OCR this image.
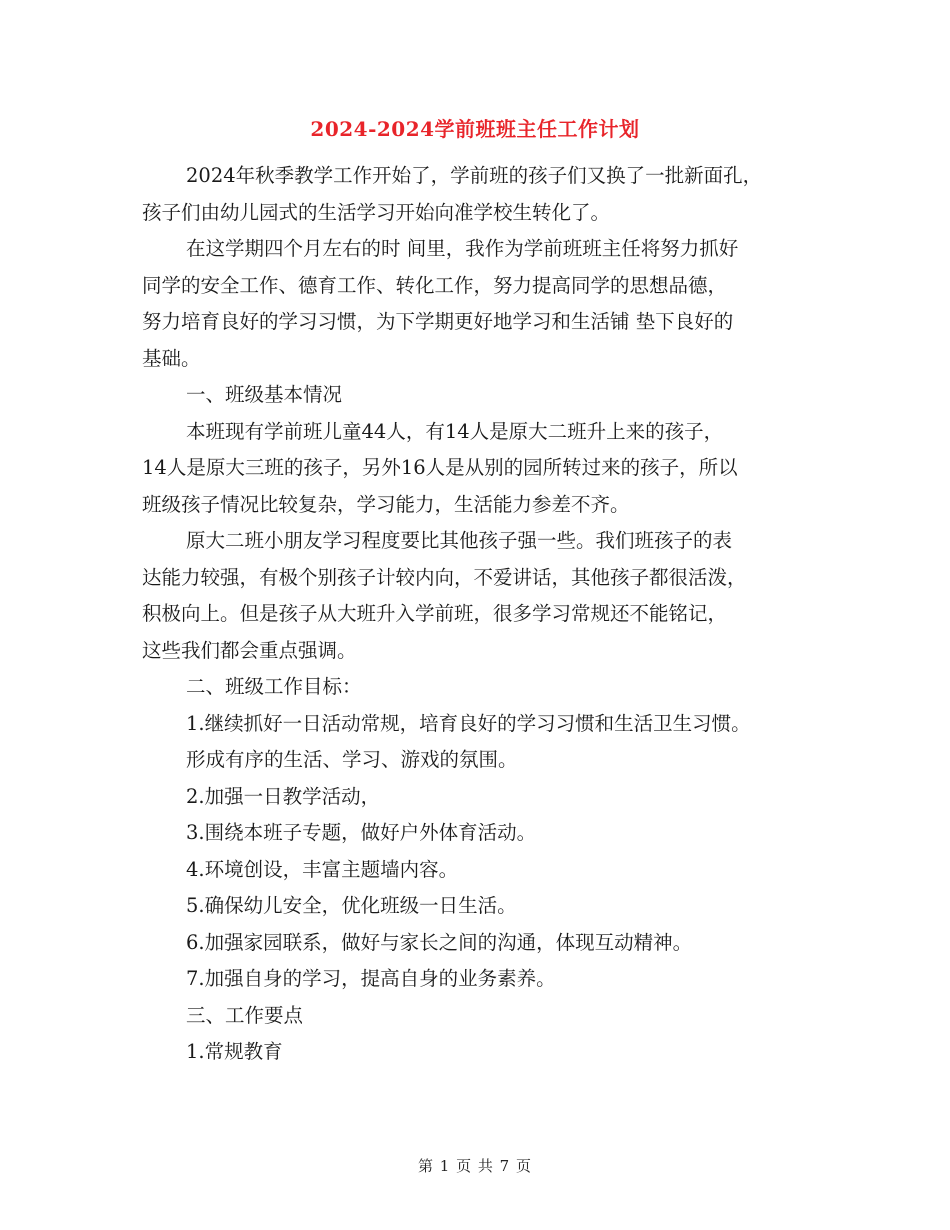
2024-2024学前班班主任工作计划
2024年秋季教学工作开始了，学前班的孩子们又换了一批新面孔，
孩子们由幼儿园式的生活学习开始向准学校生转化了。
在这学期四个月左右的时 间里，我作为学前班班主任将努力抓好
同学的安全工作、德育工作、转化工作，努力提高同学的思想品德，
努力培育良好的学习习惯，为下学期更好地学习和生活铺 垫下良好的
基础。
一、班级基本情况
本班现有学前班儿童44人，有14人是原大二班升上来的孩子，
14人是原大三班的孩子，另外16人是从别的园所转过来的孩子，所以
班级孩子情况比较复杂，学习能力，生活能力参差不齐。
原大二班小朋友学习程度要比其他孩子强一些。我们班孩子的表
达能力较强，有极个别孩子计较内向，不爱讲话，其他孩子都很活泼，
积极向上。但是孩子从大班升入学前班，很多学习常规还不能铭记，
这些我们都会重点强调。
二、班级工作目标：
1.继续抓好一日活动常规，培育良好的学习习惯和生活卫生习惯。
形成有序的生活、学习、游戏的氛围。
2.加强一日教学活动，
3.围绕本班子专题，做好户外体育活动。
4.环境创设，丰富主题墙内容。
5.确保幼儿安全，优化班级一日生活。
6.加强家园联系，做好与家长之间的沟通，体现互动精神。
7.加强自身的学习，提高自身的业务素养。
三、工作要点
1.常规教育
第 1 页 共 7 页
